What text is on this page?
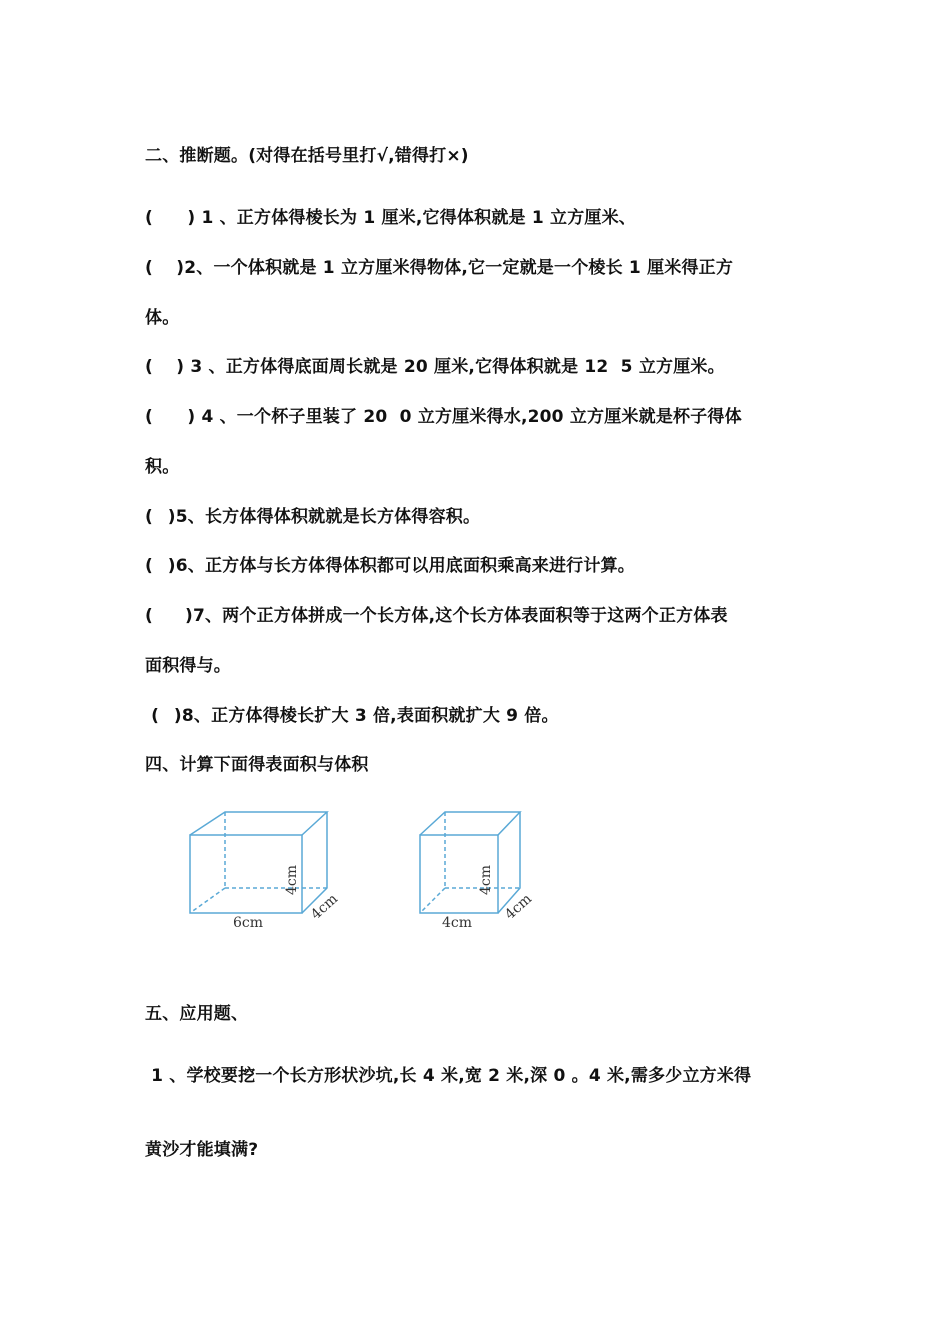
二、推断题。(对得在括号里打√,错得打×)
(　　) 1 、正方体得棱长为 1 厘米,它得体积就是 1 立方厘米、
(　 )2、一个体积就是 1 立方厘米得物体,它一定就是一个棱长 1 厘米得正方
体。
(　 ) 3 、正方体得底面周长就是 20 厘米,它得体积就是 12  5 立方厘米。
(　　) 4 、一个杯子里装了 20  0 立方厘米得水,200 立方厘米就是杯子得体
积。
(  )5、长方体得体积就就是长方体得容积。
(  )6、正方体与长方体得体积都可以用底面积乘高来进行计算。
(　  )7、两个正方体拼成一个长方体,这个长方体表面积等于这两个正方体表
面积得与。
(  )8、正方体得棱长扩大 3 倍,表面积就扩大 9 倍。
四、计算下面得表面积与体积
6cm
4cm
4cm
4cm
4cm
4cm
五、应用题、
1 、学校要挖一个长方形状沙坑,长 4 米,宽 2 米,深 0 。4 米,需多少立方米得
黄沙才能填满?
